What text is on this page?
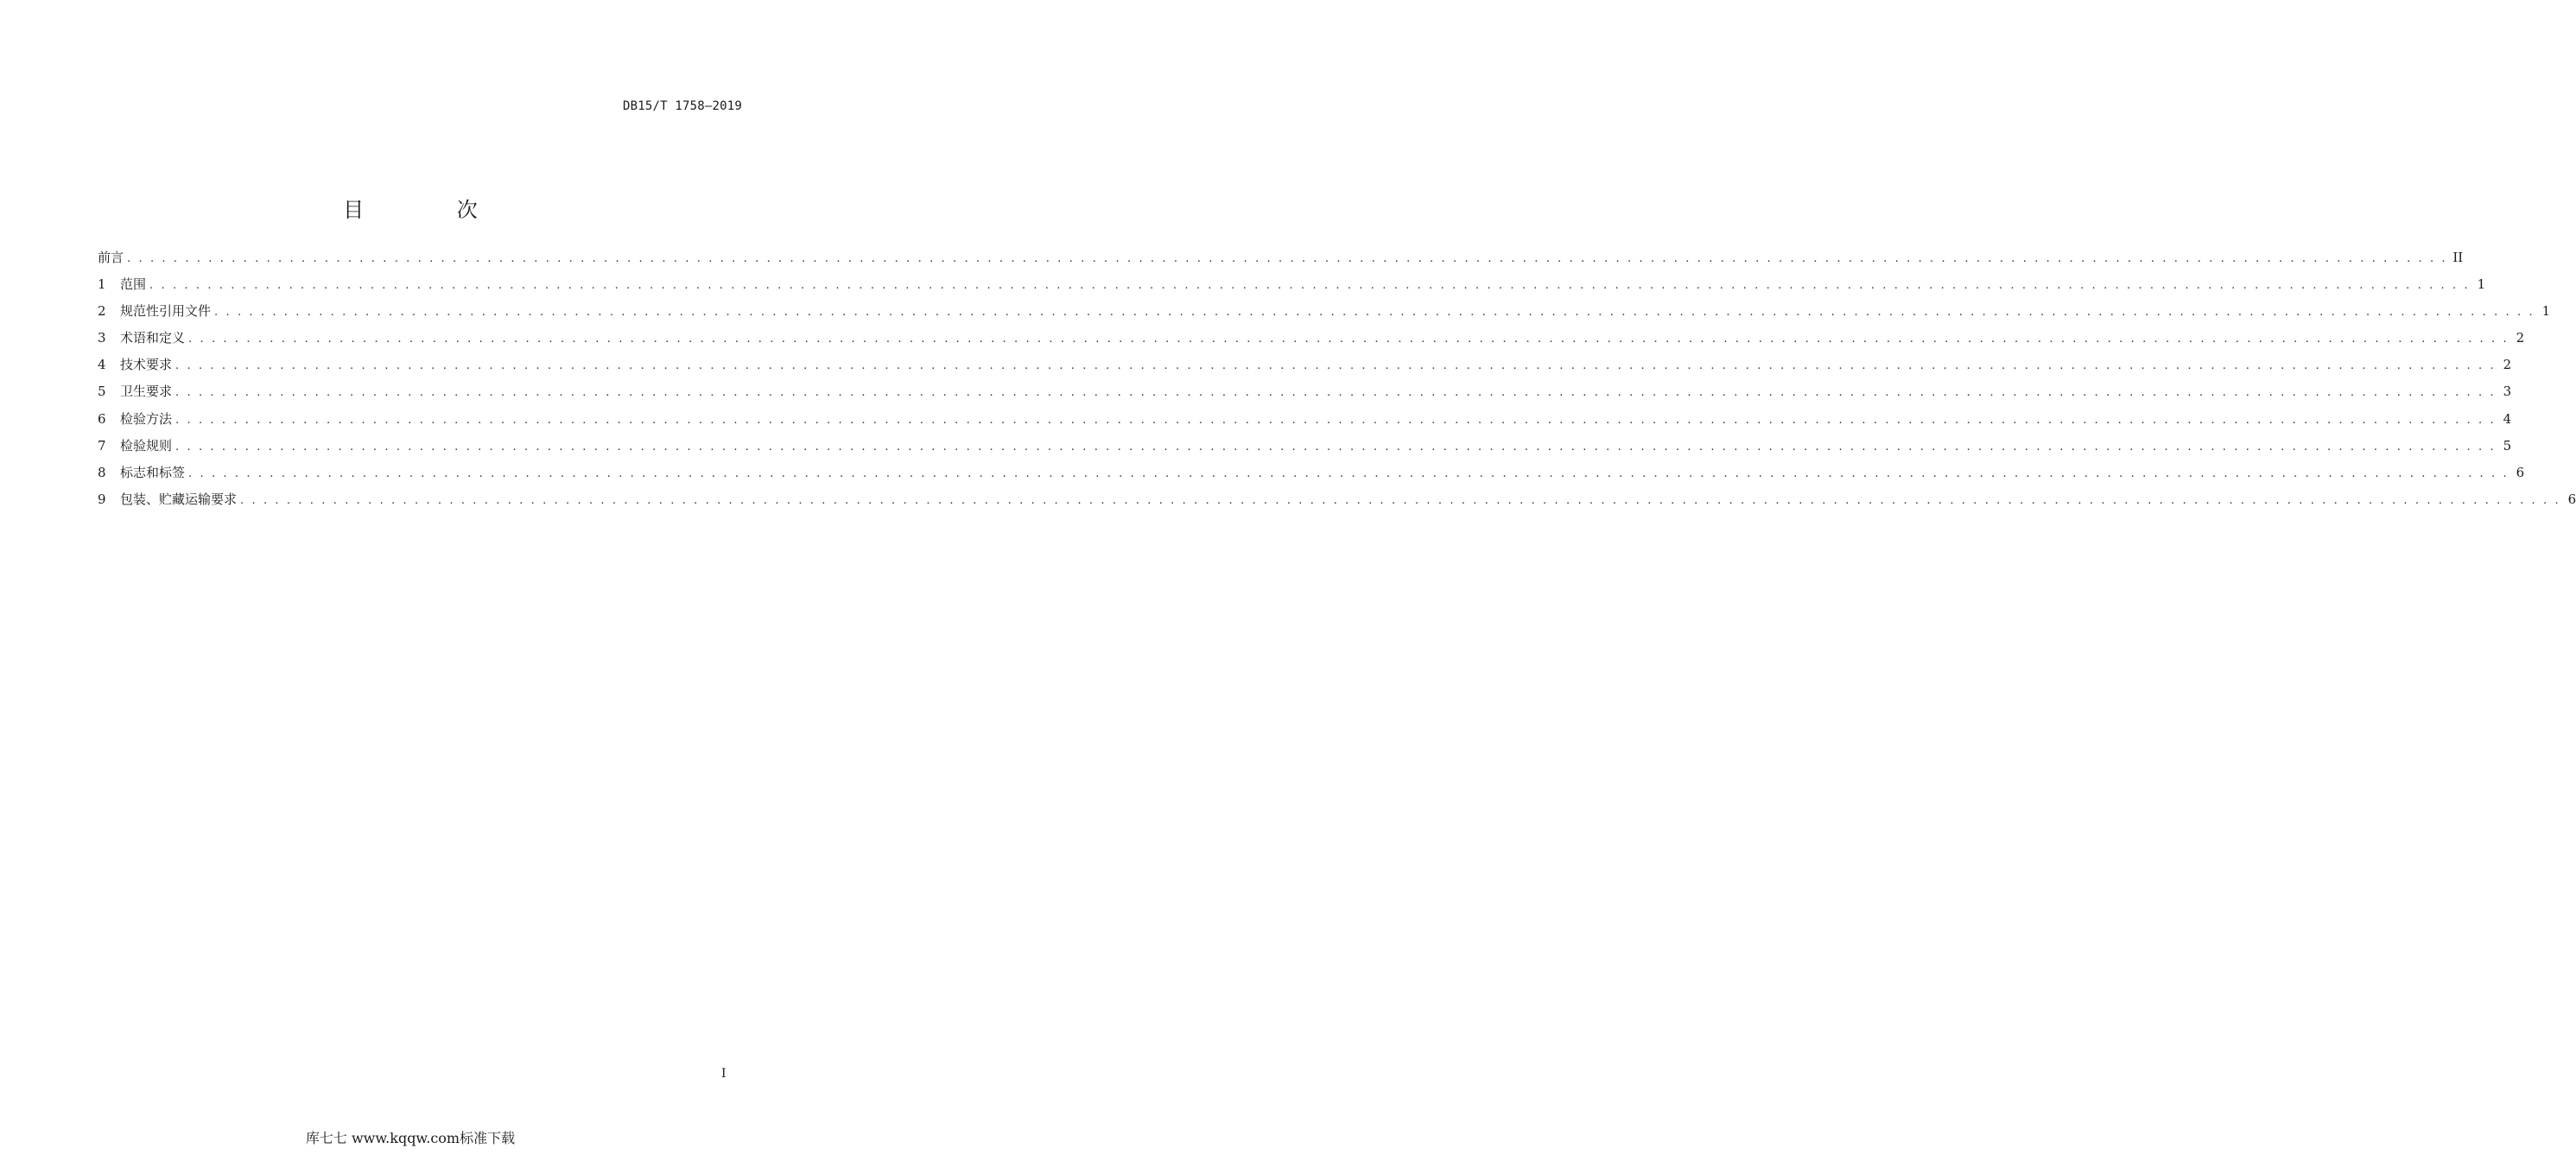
DB15/T 1758—2019
目 次
前言 . . . . . . . . . . . . . . . . . . . . . . . . . . . . . . . . . . . . . . . . . . . . . . . . . . . . . . . . . . . . . . . . . . . . . . . . . . . . . . . . . . . . . . . . . . . . . . . . . . . . . . . . . . . . . . . . . . . . . . . . . . . . . . . . . . . . . . . . . . . . . . . . . . . . . . . . . . . . . . . . . . . . . . . . . . . . . . . . . . . . . . . . . . . . . . . . . . . . . . . . II
1	范围 . . . . . . . . . . . . . . . . . . . . . . . . . . . . . . . . . . . . . . . . . . . . . . . . . . . . . . . . . . . . . . . . . . . . . . . . . . . . . . . . . . . . . . . . . . . . . . . . . . . . . . . . . . . . . . . . . . . . . . . . . . . . . . . . . . . . . . . . . . . . . . . . . . . . . . . . . . . . . . . . . . . . . . . . . . . . . . . . . . . . . . . . . . . . . . . . . . . . . . . . 1
2	规范性引用文件 . . . . . . . . . . . . . . . . . . . . . . . . . . . . . . . . . . . . . . . . . . . . . . . . . . . . . . . . . . . . . . . . . . . . . . . . . . . . . . . . . . . . . . . . . . . . . . . . . . . . . . . . . . . . . . . . . . . . . . . . . . . . . . . . . . . . . . . . . . . . . . . . . . . . . . . . . . . . . . . . . . . . . . . . . . . . . . . . . . . . . . . . . . . . . . . . . . . . . . . . 1
3	术语和定义 . . . . . . . . . . . . . . . . . . . . . . . . . . . . . . . . . . . . . . . . . . . . . . . . . . . . . . . . . . . . . . . . . . . . . . . . . . . . . . . . . . . . . . . . . . . . . . . . . . . . . . . . . . . . . . . . . . . . . . . . . . . . . . . . . . . . . . . . . . . . . . . . . . . . . . . . . . . . . . . . . . . . . . . . . . . . . . . . . . . . . . . . . . . . . . . . . . . . . . . . 2
4	技术要求 . . . . . . . . . . . . . . . . . . . . . . . . . . . . . . . . . . . . . . . . . . . . . . . . . . . . . . . . . . . . . . . . . . . . . . . . . . . . . . . . . . . . . . . . . . . . . . . . . . . . . . . . . . . . . . . . . . . . . . . . . . . . . . . . . . . . . . . . . . . . . . . . . . . . . . . . . . . . . . . . . . . . . . . . . . . . . . . . . . . . . . . . . . . . . . . . . . . . . . . . 2
5	卫生要求 . . . . . . . . . . . . . . . . . . . . . . . . . . . . . . . . . . . . . . . . . . . . . . . . . . . . . . . . . . . . . . . . . . . . . . . . . . . . . . . . . . . . . . . . . . . . . . . . . . . . . . . . . . . . . . . . . . . . . . . . . . . . . . . . . . . . . . . . . . . . . . . . . . . . . . . . . . . . . . . . . . . . . . . . . . . . . . . . . . . . . . . . . . . . . . . . . . . . . . . . 3
6	检验方法 . . . . . . . . . . . . . . . . . . . . . . . . . . . . . . . . . . . . . . . . . . . . . . . . . . . . . . . . . . . . . . . . . . . . . . . . . . . . . . . . . . . . . . . . . . . . . . . . . . . . . . . . . . . . . . . . . . . . . . . . . . . . . . . . . . . . . . . . . . . . . . . . . . . . . . . . . . . . . . . . . . . . . . . . . . . . . . . . . . . . . . . . . . . . . . . . . . . . . . . . 4
7	检验规则 . . . . . . . . . . . . . . . . . . . . . . . . . . . . . . . . . . . . . . . . . . . . . . . . . . . . . . . . . . . . . . . . . . . . . . . . . . . . . . . . . . . . . . . . . . . . . . . . . . . . . . . . . . . . . . . . . . . . . . . . . . . . . . . . . . . . . . . . . . . . . . . . . . . . . . . . . . . . . . . . . . . . . . . . . . . . . . . . . . . . . . . . . . . . . . . . . . . . . . . . 5
8	标志和标签 . . . . . . . . . . . . . . . . . . . . . . . . . . . . . . . . . . . . . . . . . . . . . . . . . . . . . . . . . . . . . . . . . . . . . . . . . . . . . . . . . . . . . . . . . . . . . . . . . . . . . . . . . . . . . . . . . . . . . . . . . . . . . . . . . . . . . . . . . . . . . . . . . . . . . . . . . . . . . . . . . . . . . . . . . . . . . . . . . . . . . . . . . . . . . . . . . . . . . . . . 6
9	包装、贮藏运输要求 . . . . . . . . . . . . . . . . . . . . . . . . . . . . . . . . . . . . . . . . . . . . . . . . . . . . . . . . . . . . . . . . . . . . . . . . . . . . . . . . . . . . . . . . . . . . . . . . . . . . . . . . . . . . . . . . . . . . . . . . . . . . . . . . . . . . . . . . . . . . . . . . . . . . . . . . . . . . . . . . . . . . . . . . . . . . . . . . . . . . . . . . . . . . . . . . . . . . . . . . 6
I
库七七 www.kqqw.com标准下载
